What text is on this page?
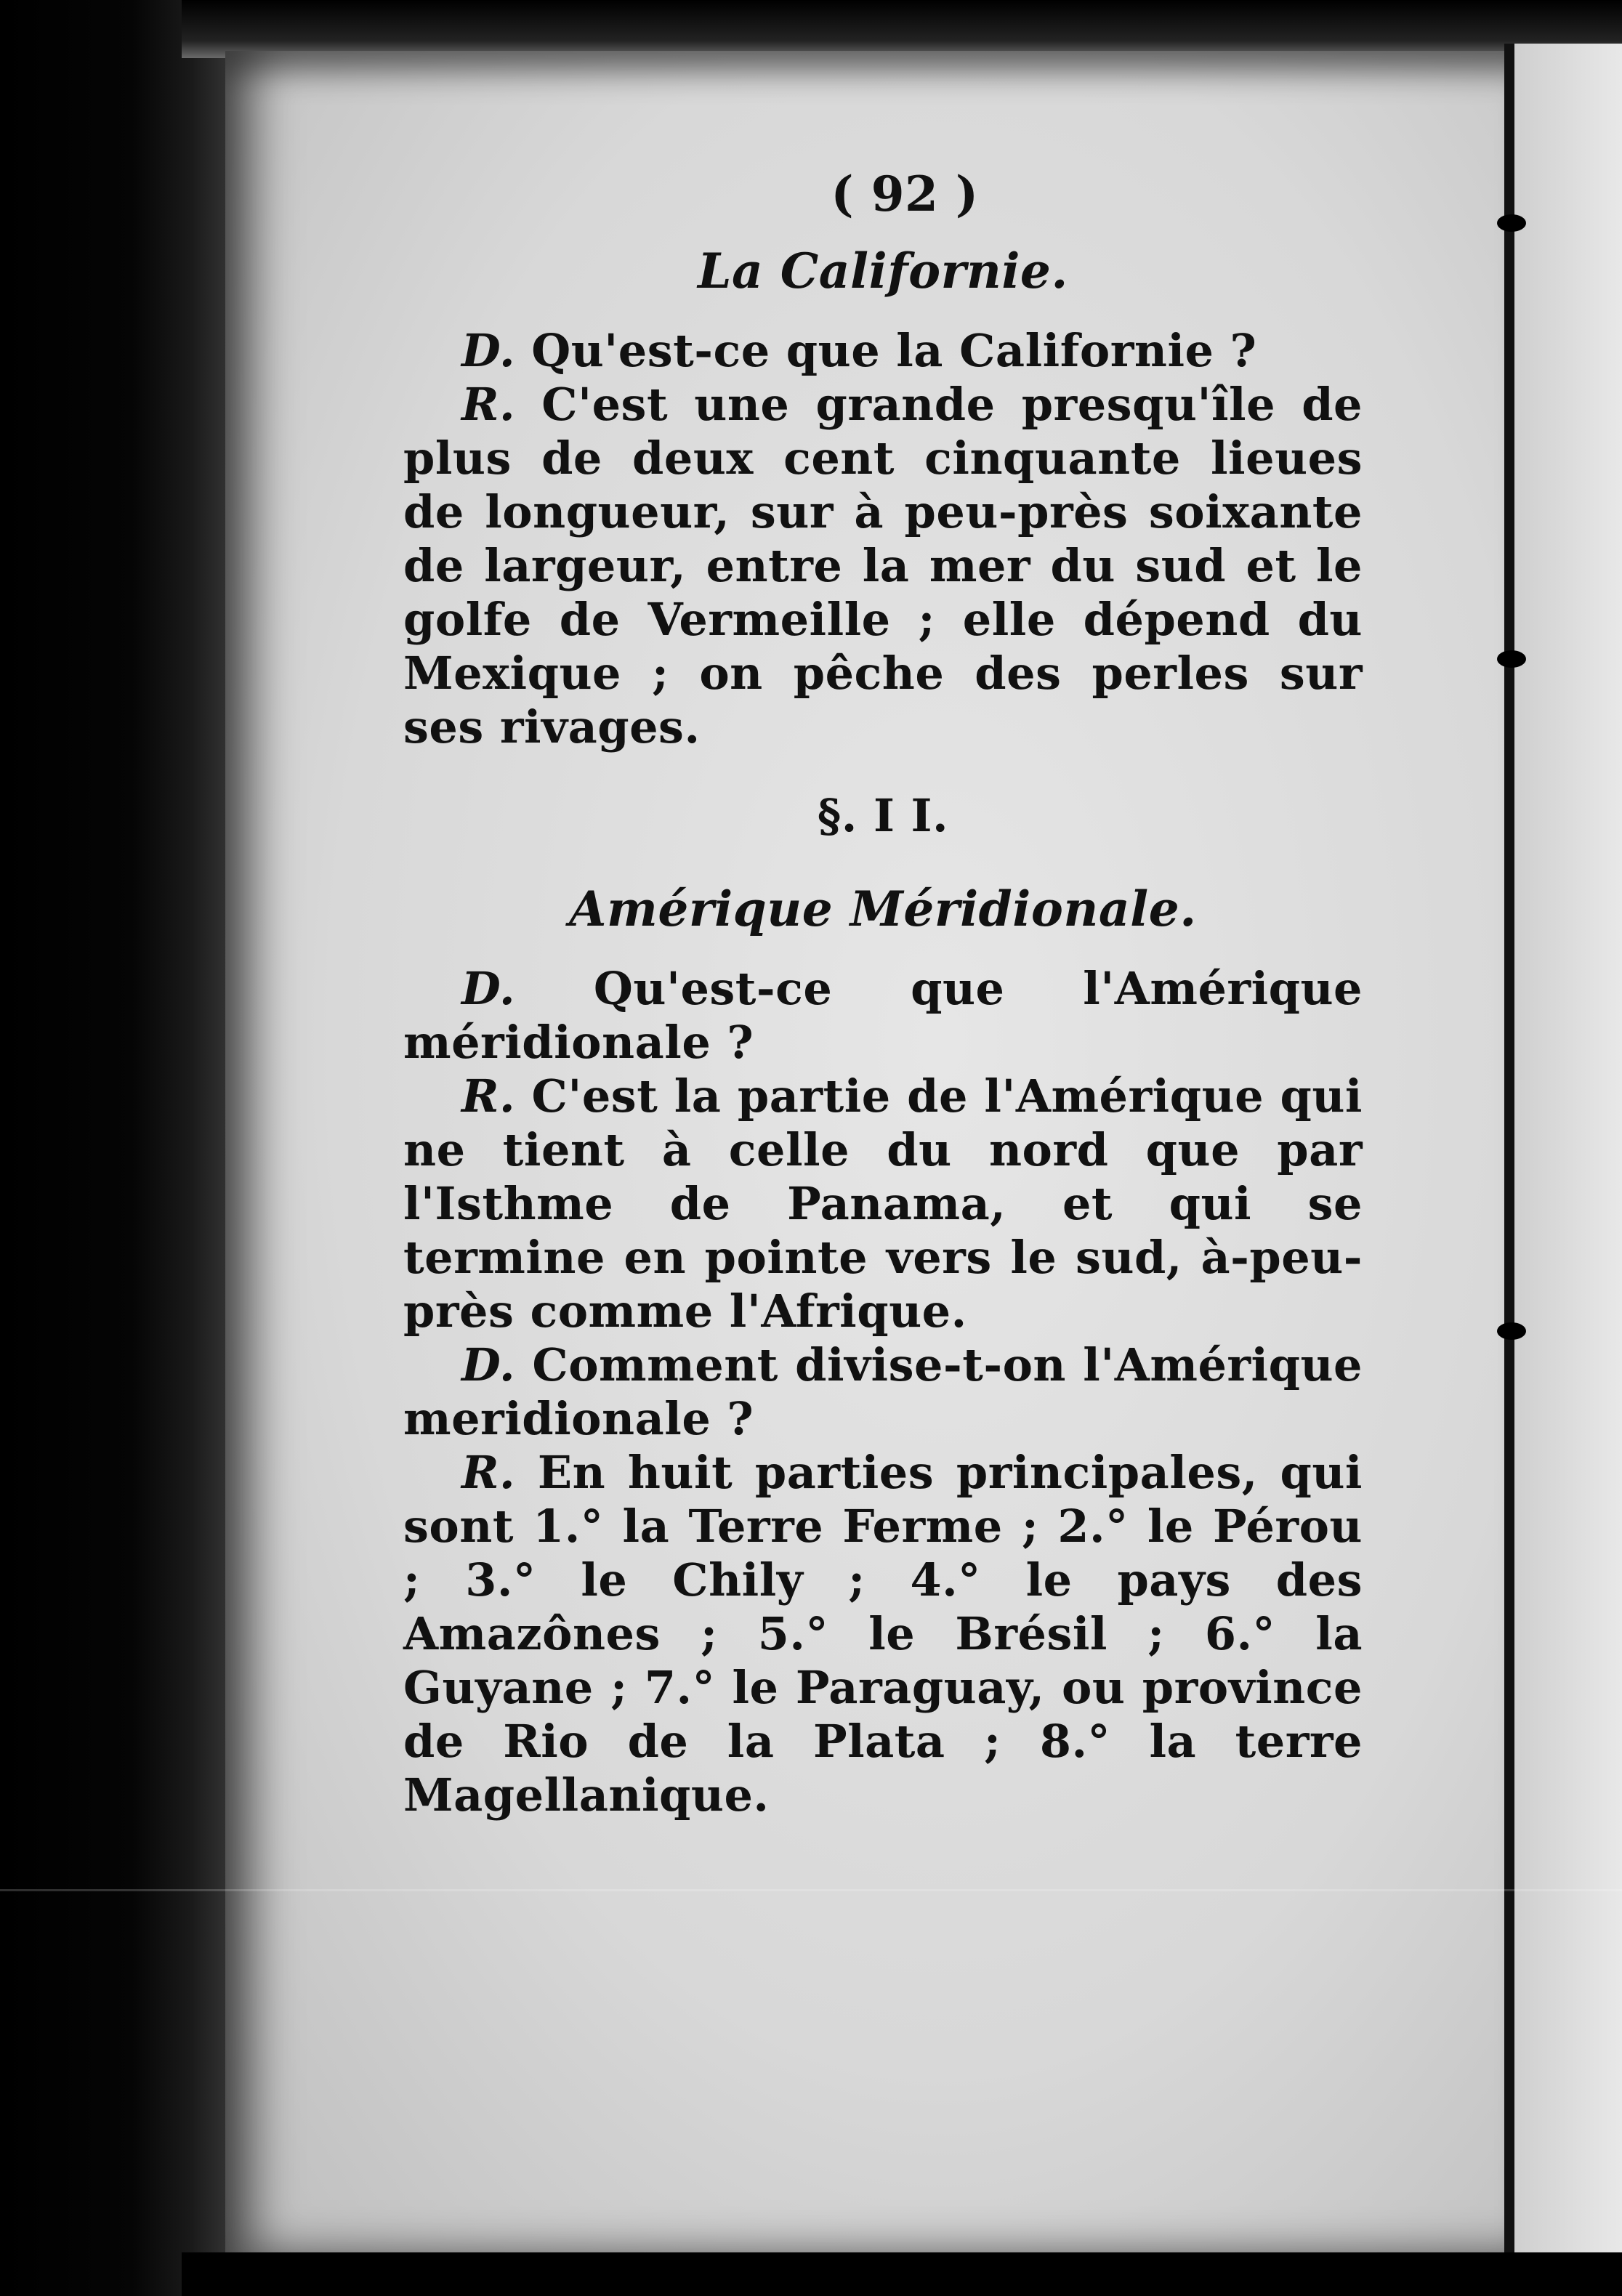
( 92 )
La Californie.

D. Qu'est-ce que la Californie ?

R. C'est une grande presqu'île de plus de deux cent cinquante lieues de longueur, sur à peu-près soixante de largeur, entre la mer du sud et le golfe de Vermeille ; elle dépend du Mexique ; on pêche des perles sur ses rivages.

§. I I.
Amérique Méridionale.

D. Qu'est-ce que l'Amérique méridionale ?

R. C'est la partie de l'Amérique qui ne tient à celle du nord que par l'Isthme de Panama, et qui se termine en pointe vers le sud, à-peu-près comme l'Afrique.

D. Comment divise-t-on l'Amérique meridionale ?

R. En huit parties principales, qui sont 1.° la Terre Ferme ; 2.° le Pérou ; 3.° le Chily ; 4.° le pays des Amazônes ; 5.° le Brésil ; 6.° la Guyane ; 7.° le Paraguay, ou province de Rio de la Plata ; 8.° la terre Magellanique.
